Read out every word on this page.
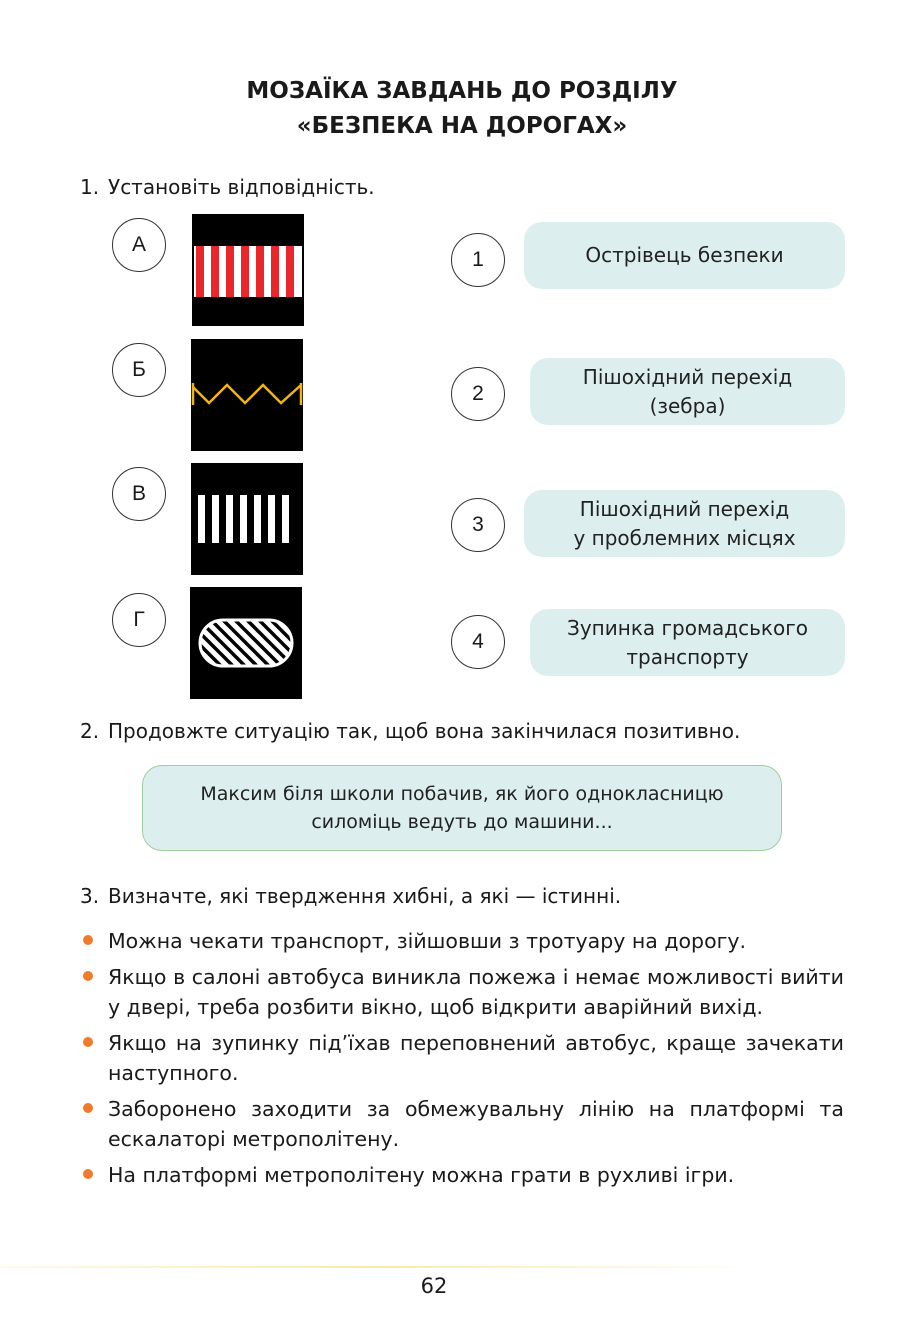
МОЗАЇКА ЗАВДАНЬ ДО РОЗДІЛУ
«БЕЗПЕКА НА ДОРОГАХ»
1. Установіть відповідність.
А
Б
В
Г
1
2
3
4
Острівець безпеки
Пішохідний перехід
(зебра)
Пішохідний перехід
у проблемних місцях
Зупинка громадського
транспорту
2. Продовжте ситуацію так, щоб вона закінчилася позитивно.
Максим біля школи побачив, як його однокласницю
силоміць ведуть до машини...
3. Визначте, які твердження хибні, а які — істинні.
Можна чекати транспорт, зійшовши з тротуару на дорогу.
Якщо в салоні автобуса виникла пожежа і немає можливості вийти у двері, треба розбити вікно, щоб відкрити аварійний вихід.
Якщо на зупинку під’їхав переповнений автобус, краще зачекати наступного.
Заборонено заходити за обмежувальну лінію на платформі та ескалаторі метрополітену.
На платформі метрополітену можна грати в рухливі ігри.
62
